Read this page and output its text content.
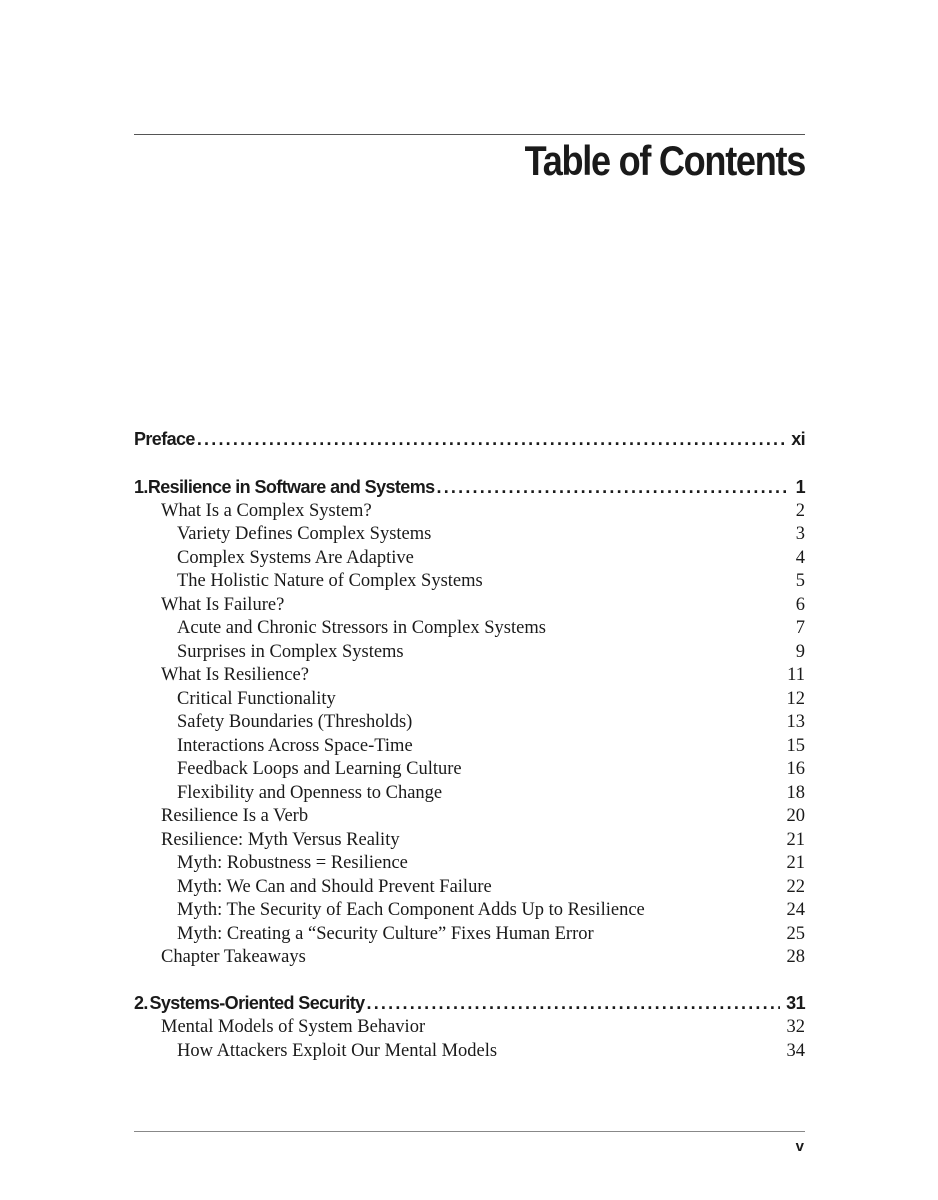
Table of Contents
Preface . . .	xi
1. Resilience in Software and Systems . . .	1
What Is a Complex System?	2
Variety Defines Complex Systems	3
Complex Systems Are Adaptive	4
The Holistic Nature of Complex Systems	5
What Is Failure?	6
Acute and Chronic Stressors in Complex Systems	7
Surprises in Complex Systems	9
What Is Resilience?	11
Critical Functionality	12
Safety Boundaries (Thresholds)	13
Interactions Across Space-Time	15
Feedback Loops and Learning Culture	16
Flexibility and Openness to Change	18
Resilience Is a Verb	20
Resilience: Myth Versus Reality	21
Myth: Robustness = Resilience	21
Myth: We Can and Should Prevent Failure	22
Myth: The Security of Each Component Adds Up to Resilience	24
Myth: Creating a “Security Culture” Fixes Human Error	25
Chapter Takeaways	28
2. Systems-Oriented Security . . .	31
Mental Models of System Behavior	32
How Attackers Exploit Our Mental Models	34
v
